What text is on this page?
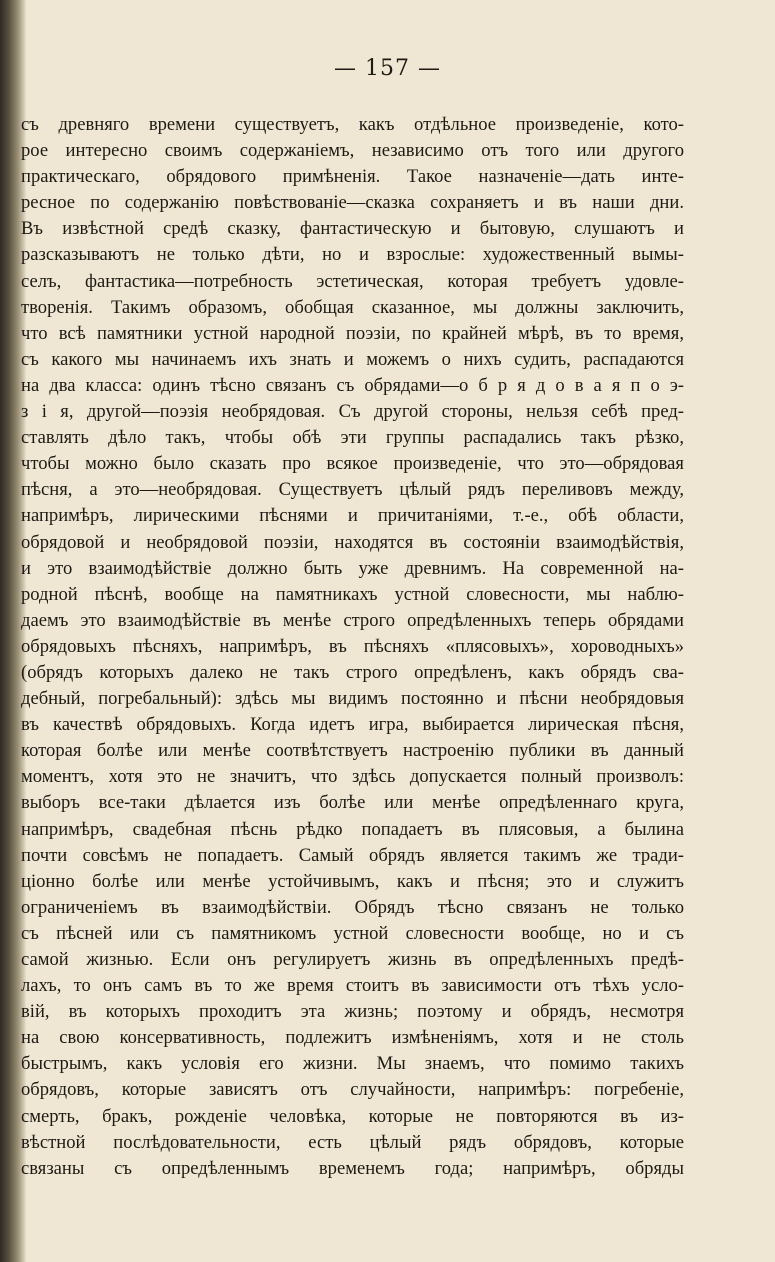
— 157 —
съ древняго времени существуетъ, какъ отдѣльное произведеніе, кото-
рое интересно своимъ содержаніемъ, независимо отъ того или другого
практическаго, обрядового примѣненія. Такое назначеніе—дать инте-
ресное по содержанію повѣствованіе—сказка сохраняетъ и въ наши дни.
Въ извѣстной средѣ сказку, фантастическую и бытовую, слушаютъ и
разсказываютъ не только дѣти, но и взрослые: художественный вымы-
селъ, фантастика—потребность эстетическая, которая требуетъ удовле-
творенія. Такимъ образомъ, обобщая сказанное, мы должны заключить,
что всѣ памятники устной народной поэзіи, по крайней мѣрѣ, въ то время,
съ какого мы начинаемъ ихъ знать и можемъ о нихъ судить, распадаются
на два класса: одинъ тѣсно связанъ съ обрядами—о б р я д о в а я п о э-
з і я, другой—поэзія необрядовая. Съ другой стороны, нельзя себѣ пред-
ставлять дѣло такъ, чтобы обѣ эти группы распадались такъ рѣзко,
чтобы можно было сказать про всякое произведеніе, что это—обрядовая
пѣсня, а это—необрядовая. Существуетъ цѣлый рядъ переливовъ между,
напримѣръ, лирическими пѣснями и причитаніями, т.-е., обѣ области,
обрядовой и необрядовой поэзіи, находятся въ состояніи взаимодѣйствія,
и это взаимодѣйствіе должно быть уже древнимъ. На современной на-
родной пѣснѣ, вообще на памятникахъ устной словесности, мы наблю-
даемъ это взаимодѣйствіе въ менѣе строго опредѣленныхъ теперь обрядами
обрядовыхъ пѣсняхъ, напримѣръ, въ пѣсняхъ «плясовыхъ», хороводныхъ»
(обрядъ которыхъ далеко не такъ строго опредѣленъ, какъ обрядъ сва-
дебный, погребальный): здѣсь мы видимъ постоянно и пѣсни необрядовыя
въ качествѣ обрядовыхъ. Когда идетъ игра, выбирается лирическая пѣсня,
которая болѣе или менѣе соотвѣтствуетъ настроенію публики въ данный
моментъ, хотя это не значитъ, что здѣсь допускается полный произволъ:
выборъ все-таки дѣлается изъ болѣе или менѣе опредѣленнаго круга,
напримѣръ, свадебная пѣснь рѣдко попадаетъ въ плясовыя, а былина
почти совсѣмъ не попадаетъ. Самый обрядъ является такимъ же тради-
ціонно болѣе или менѣе устойчивымъ, какъ и пѣсня; это и служитъ
ограниченіемъ въ взаимодѣйствіи. Обрядъ тѣсно связанъ не только
съ пѣсней или съ памятникомъ устной словесности вообще, но и съ
самой жизнью. Если онъ регулируетъ жизнь въ опредѣленныхъ предѣ-
лахъ, то онъ самъ въ то же время стоитъ въ зависимости отъ тѣхъ усло-
вій, въ которыхъ проходитъ эта жизнь; поэтому и обрядъ, несмотря
на свою консервативность, подлежитъ измѣненіямъ, хотя и не столь
быстрымъ, какъ условія его жизни. Мы знаемъ, что помимо такихъ
обрядовъ, которые зависятъ отъ случайности, напримѣръ: погребеніе,
смерть, бракъ, рожденіе человѣка, которые не повторяются въ из-
вѣстной послѣдовательности, есть цѣлый рядъ обрядовъ, которые
связаны съ опредѣленнымъ временемъ года; напримѣръ, обряды
